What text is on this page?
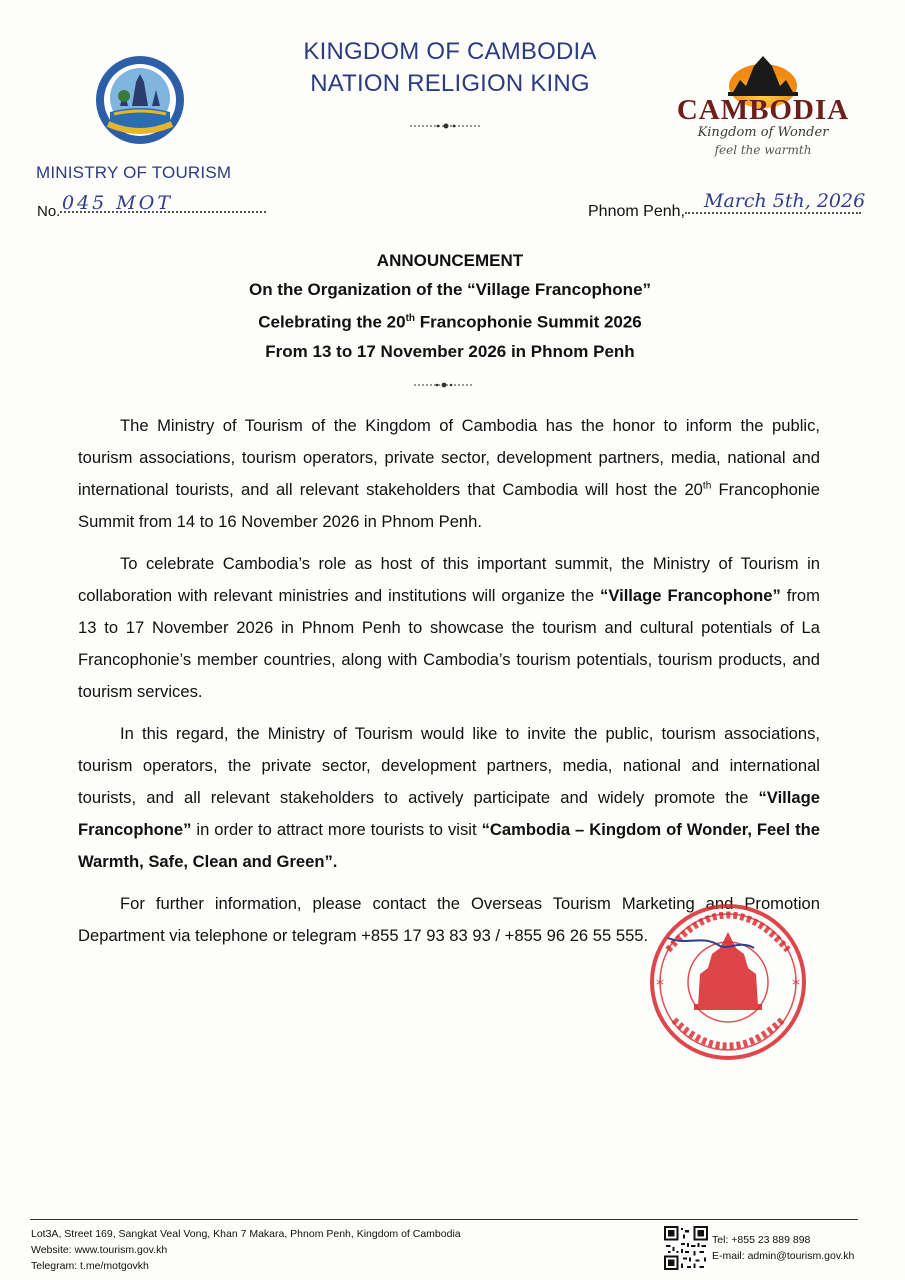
KINGDOM OF CAMBODIA
NATION RELIGION KING
MINISTRY OF TOURISM
No. 045 MOT
CAMBODIA
Kingdom of Wonder
feel the warmth
Phnom Penh, March 5th, 2026
ANNOUNCEMENT
On the Organization of the “Village Francophone”
Celebrating the 20th Francophonie Summit 2026
From 13 to 17 November 2026 in Phnom Penh

The Ministry of Tourism of the Kingdom of Cambodia has the honor to inform the public, tourism associations, tourism operators, private sector, development partners, media, national and international tourists, and all relevant stakeholders that Cambodia will host the 20th Francophonie Summit from 14 to 16 November 2026 in Phnom Penh.

To celebrate Cambodia’s role as host of this important summit, the Ministry of Tourism in collaboration with relevant ministries and institutions will organize the “Village Francophone” from 13 to 17 November 2026 in Phnom Penh to showcase the tourism and cultural potentials of La Francophonie’s member countries, along with Cambodia’s tourism potentials, tourism products, and tourism services.

In this regard, the Ministry of Tourism would like to invite the public, tourism associations, tourism operators, the private sector, development partners, media, national and international tourists, and all relevant stakeholders to actively participate and widely promote the “Village Francophone” in order to attract more tourists to visit “Cambodia – Kingdom of Wonder, Feel the Warmth, Safe, Clean and Green”.

For further information, please contact the Overseas Tourism Marketing and Promotion Department via telephone or telegram +855 17 93 83 93 / +855 96 26 55 555.

*	*
Lot3A, Street 169, Sangkat Veal Vong, Khan 7 Makara, Phnom Penh, Kingdom of Cambodia
Website: www.tourism.gov.kh
Telegram: t.me/motgovkh
Tel: +855 23 889 898
E-mail: admin@tourism.gov.kh
